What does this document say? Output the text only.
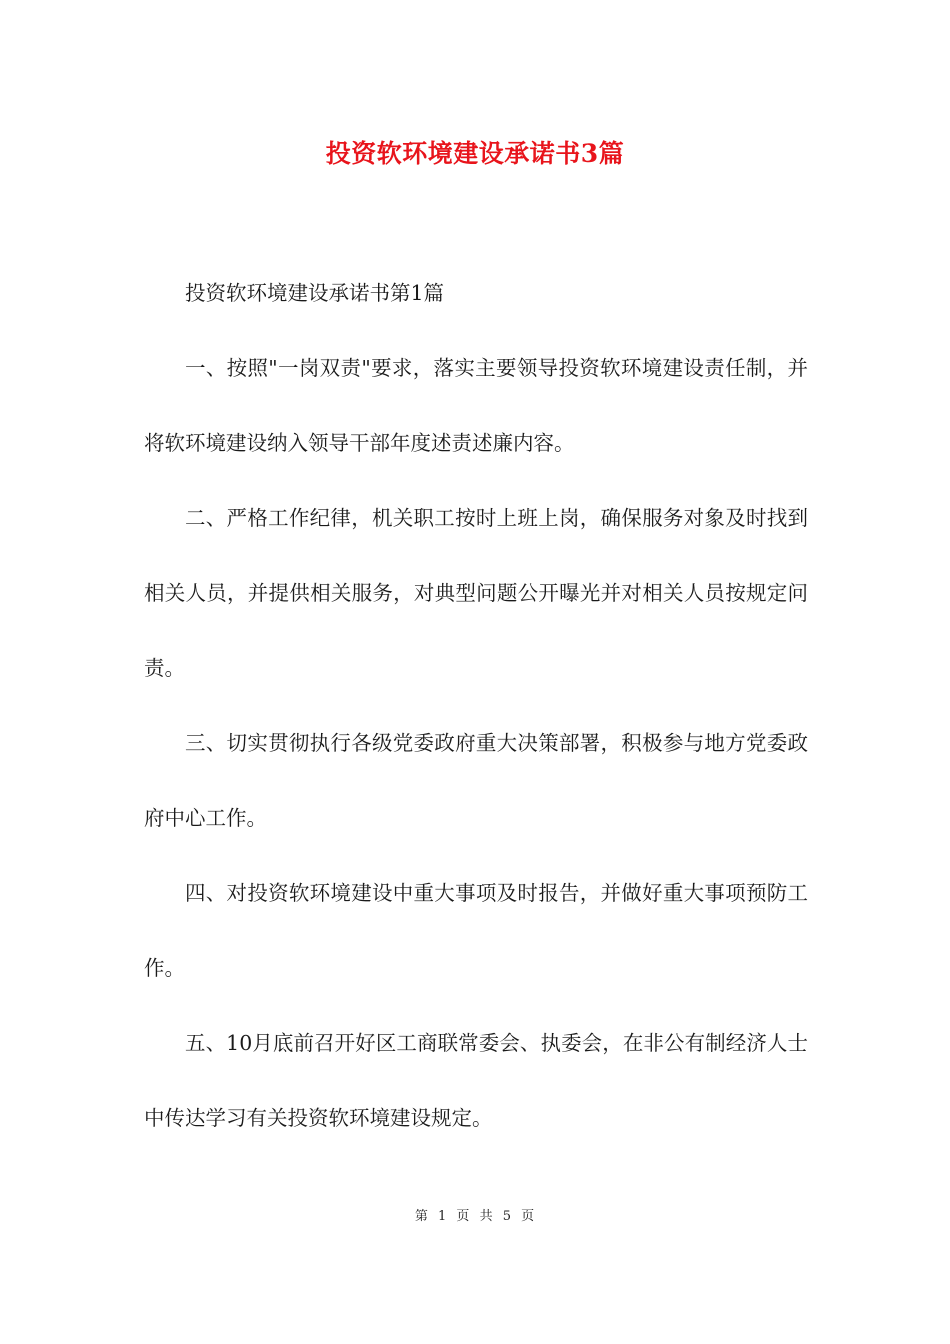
投资软环境建设承诺书3篇

投资软环境建设承诺书第1篇

一、按照"一岗双责"要求，落实主要领导投资软环境建设责任制，并将软环境建设纳入领导干部年度述责述廉内容。

二、严格工作纪律，机关职工按时上班上岗，确保服务对象及时找到相关人员，并提供相关服务，对典型问题公开曝光并对相关人员按规定问责。

三、切实贯彻执行各级党委政府重大决策部署，积极参与地方党委政府中心工作。

四、对投资软环境建设中重大事项及时报告，并做好重大事项预防工作。

五、10月底前召开好区工商联常委会、执委会，在非公有制经济人士中传达学习有关投资软环境建设规定。

第 1 页 共 5 页
